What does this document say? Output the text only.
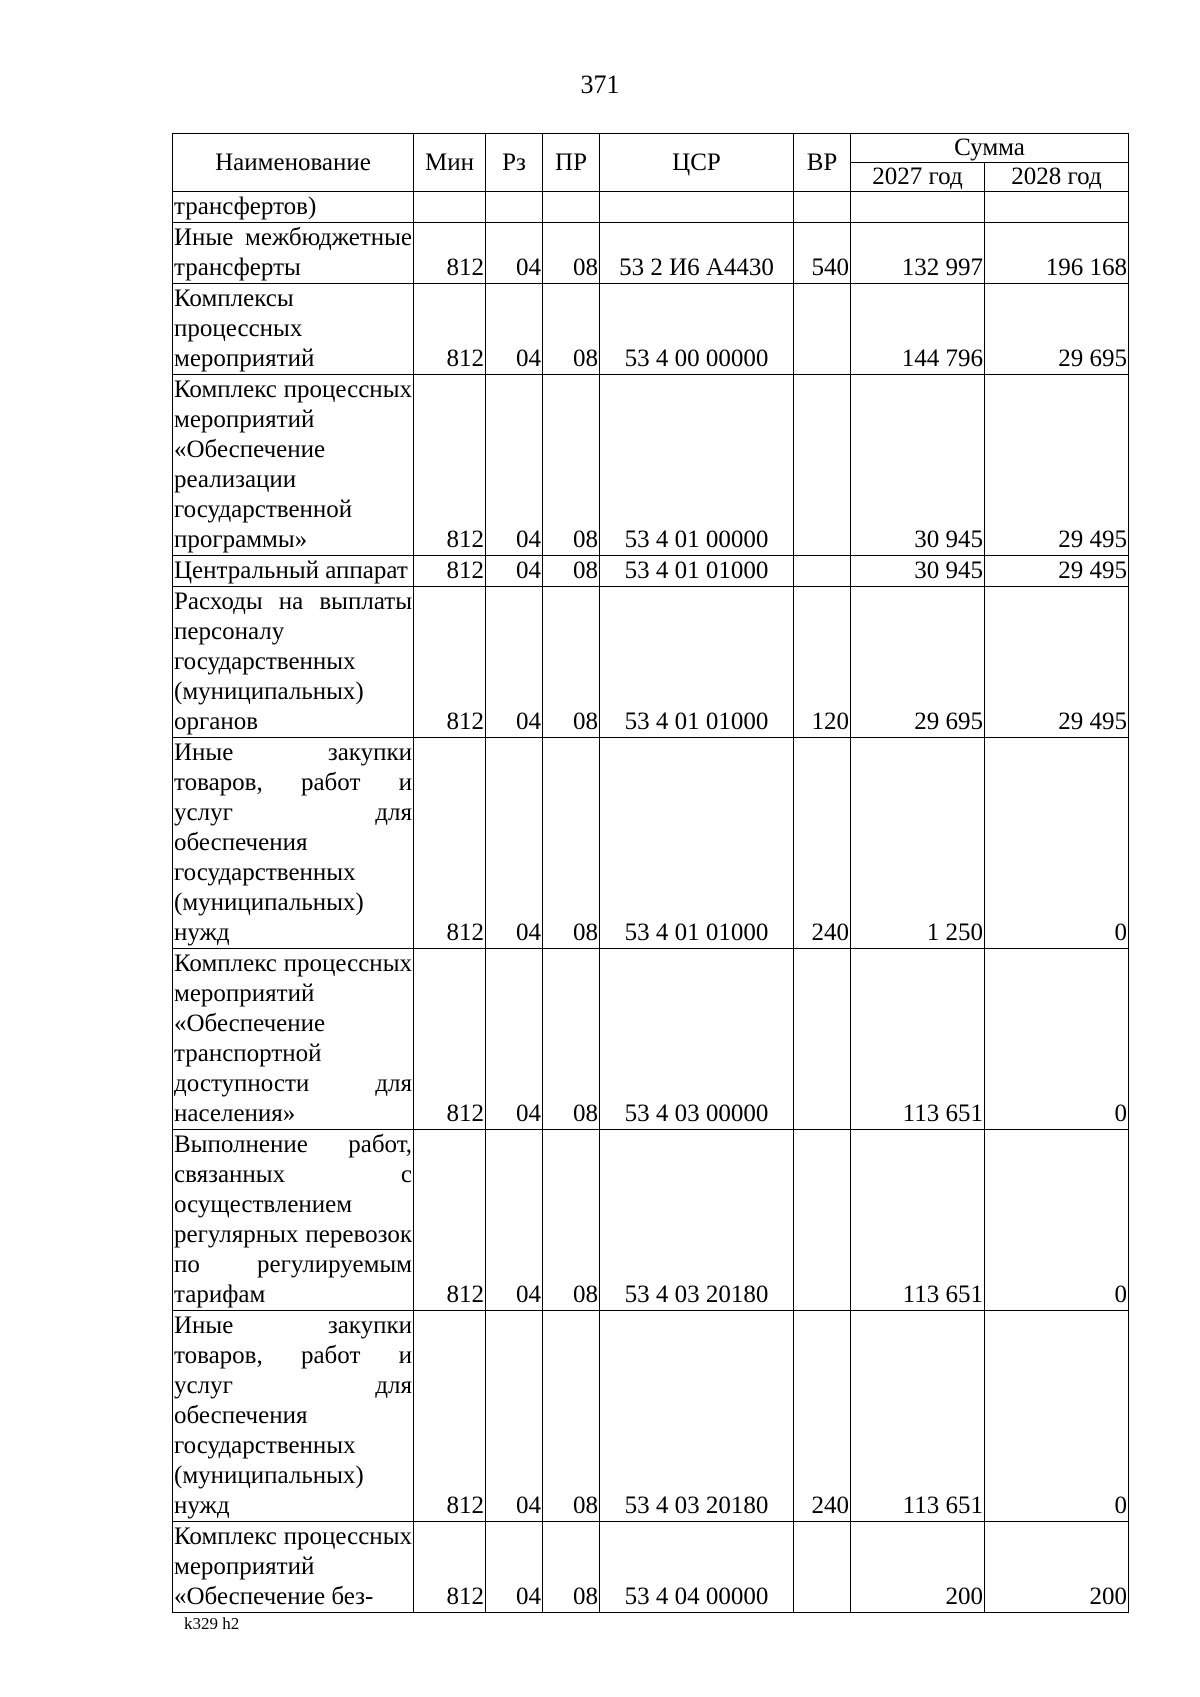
371
Наименование	Мин	Рз	ПР	ЦСР	ВР	Сумма	
						2027 год	2028 год
трансфертов)							
Иные межбюджетные трансферты	812	04	08	53 2 И6 А4430	540	132 997	196 168
Комплексы процессных мероприятий	812	04	08	53 4 00 00000		144 796	29 695
Комплекс процессных мероприятий «Обеспечение реализации государственной программы»	812	04	08	53 4 01 00000		30 945	29 495
Центральный аппарат	812	04	08	53 4 01 01000		30 945	29 495
Расходы на выплаты персоналу государственных (муниципальных) органов	812	04	08	53 4 01 01000	120	29 695	29 495
Иные закупки товаров, работ и услуг для обеспечения государственных (муниципальных) нужд	812	04	08	53 4 01 01000	240	1 250	0
Комплекс процессных мероприятий «Обеспечение транспортной доступности для населения»	812	04	08	53 4 03 00000		113 651	0
Выполнение работ, связанных с осуществлением регулярных перевозок по регулируемым тарифам	812	04	08	53 4 03 20180		113 651	0
Иные закупки товаров, работ и услуг для обеспечения государственных (муниципальных) нужд	812	04	08	53 4 03 20180	240	113 651	0
Комплекс процессных мероприятий «Обеспечение без-	812	04	08	53 4 04 00000		200	200
k329 h2
